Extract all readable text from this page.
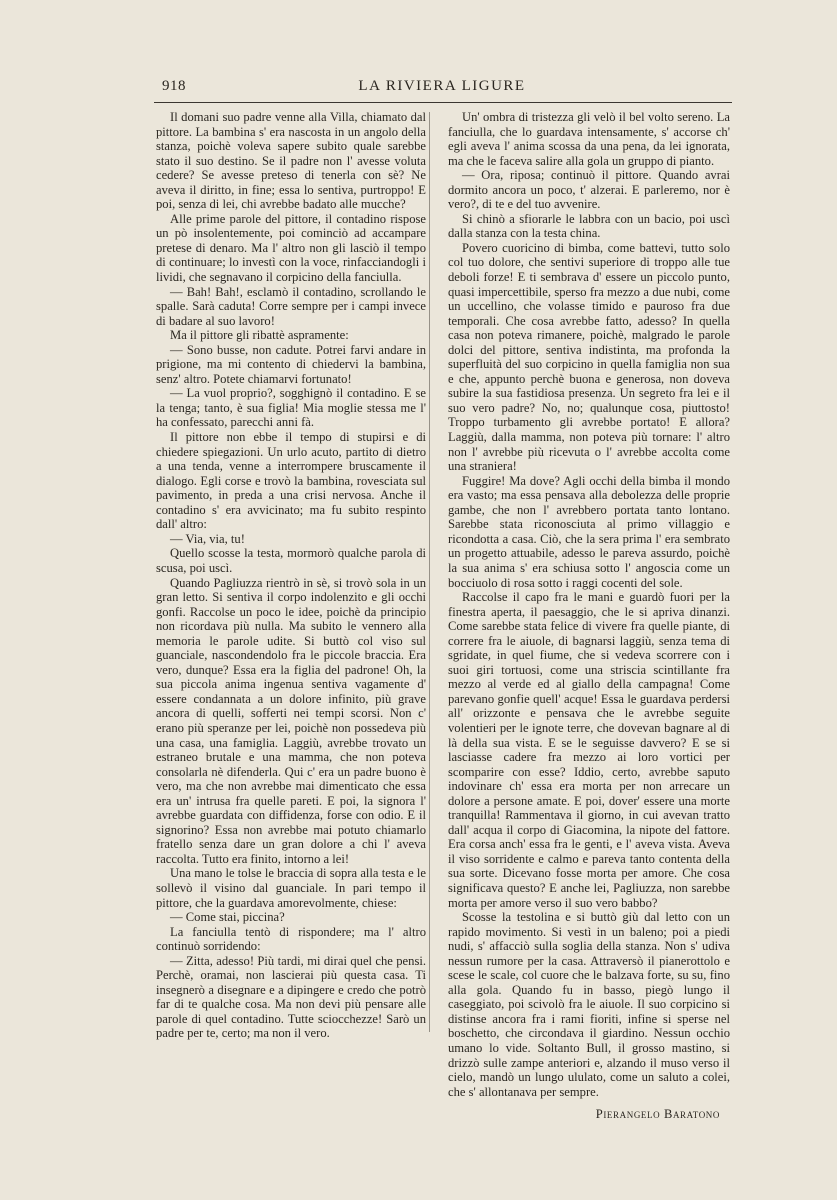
918	LA RIVIERA LIGURE

Il domani suo padre venne alla Villa, chiamato dal pittore. La bambina s' era nascosta in un angolo della stanza, poichè voleva sapere subito quale sarebbe stato il suo destino. Se il padre non l' avesse voluta cedere? Se avesse preteso di tenerla con sè? Ne aveva il diritto, in fine; essa lo sentiva, purtroppo! E poi, senza di lei, chi avrebbe badato alle mucche?

Alle prime parole del pittore, il contadino rispose un pò insolentemente, poi cominciò ad accampare pretese di denaro. Ma l' altro non gli lasciò il tempo di continuare; lo investì con la voce, rinfacciandogli i lividi, che segnavano il corpicino della fanciulla.

— Bah! Bah!, esclamò il contadino, scrollando le spalle. Sarà caduta! Corre sempre per i campi invece di badare al suo lavoro!

Ma il pittore gli ribattè aspramente:

— Sono busse, non cadute. Potrei farvi andare in prigione, ma mi contento di chiedervi la bambina, senz' altro. Potete chiamarvi fortunato!

— La vuol proprio?, sogghignò il contadino. E se la tenga; tanto, è sua figlia! Mia moglie stessa me l' ha confessato, parecchi anni fà.

Il pittore non ebbe il tempo di stupirsi e di chiedere spiegazioni. Un urlo acuto, partito di dietro a una tenda, venne a interrompere bruscamente il dialogo. Egli corse e trovò la bambina, rovesciata sul pavimento, in preda a una crisi nervosa. Anche il contadino s' era avvicinato; ma fu subito respinto dall' altro:

— Via, via, tu!

Quello scosse la testa, mormorò qualche parola di scusa, poi uscì.

Quando Pagliuzza rientrò in sè, si trovò sola in un gran letto. Si sentiva il corpo indolenzito e gli occhi gonfi. Raccolse un poco le idee, poichè da principio non ricordava più nulla. Ma subito le vennero alla memoria le parole udite. Si buttò col viso sul guanciale, nascondendolo fra le piccole braccia. Era vero, dunque? Essa era la figlia del padrone! Oh, la sua piccola anima ingenua sentiva vagamente d' essere condannata a un dolore infinito, più grave ancora di quelli, sofferti nei tempi scorsi. Non c' erano più speranze per lei, poichè non possedeva più una casa, una famiglia. Laggiù, avrebbe trovato un estraneo brutale e una mamma, che non poteva consolarla nè difenderla. Qui c' era un padre buono è vero, ma che non avrebbe mai dimenticato che essa era un' intrusa fra quelle pareti. E poi, la signora l' avrebbe guardata con diffidenza, forse con odio. E il signorino? Essa non avrebbe mai potuto chiamarlo fratello senza dare un gran dolore a chi l' aveva raccolta. Tutto era finito, intorno a lei!

Una mano le tolse le braccia di sopra alla testa e le sollevò il visino dal guanciale. In pari tempo il pittore, che la guardava amorevolmente, chiese:

— Come stai, piccina?

La fanciulla tentò di rispondere; ma l' altro continuò sorridendo:

— Zitta, adesso! Più tardi, mi dirai quel che pensi. Perchè, oramai, non lascierai più questa casa. Ti insegnerò a disegnare e a dipingere e credo che potrò far di te qualche cosa. Ma non devi più pensare alle parole di quel contadino. Tutte sciocchezze! Sarò un padre per te, certo; ma non il vero.

Un' ombra di tristezza gli velò il bel volto sereno. La fanciulla, che lo guardava intensamente, s' accorse ch' egli aveva l' anima scossa da una pena, da lei ignorata, ma che le faceva salire alla gola un gruppo di pianto.

— Ora, riposa; continuò il pittore. Quando avrai dormito ancora un poco, t' alzerai. E parleremo, nor è vero?, di te e del tuo avvenire.

Si chinò a sfiorarle le labbra con un bacio, poi uscì dalla stanza con la testa china.

Povero cuoricino di bimba, come battevi, tutto solo col tuo dolore, che sentivi superiore di troppo alle tue deboli forze! E ti sembrava d' essere un piccolo punto, quasi impercettibile, sperso fra mezzo a due nubi, come un uccellino, che volasse timido e pauroso fra due temporali. Che cosa avrebbe fatto, adesso? In quella casa non poteva rimanere, poichè, malgrado le parole dolci del pittore, sentiva indistinta, ma profonda la superfluità del suo corpicino in quella famiglia non sua e che, appunto perchè buona e generosa, non doveva subire la sua fastidiosa presenza. Un segreto fra lei e il suo vero padre? No, no; qualunque cosa, piuttosto! Troppo turbamento gli avrebbe portato! E allora? Laggiù, dalla mamma, non poteva più tornare: l' altro non l' avrebbe più ricevuta o l' avrebbe accolta come una straniera!

Fuggire! Ma dove? Agli occhi della bimba il mondo era vasto; ma essa pensava alla debolezza delle proprie gambe, che non l' avrebbero portata tanto lontano. Sarebbe stata riconosciuta al primo villaggio e ricondotta a casa. Ciò, che la sera prima l' era sembrato un progetto attuabile, adesso le pareva assurdo, poichè la sua anima s' era schiusa sotto l' angoscia come un bocciuolo di rosa sotto i raggi cocenti del sole.

Raccolse il capo fra le mani e guardò fuori per la finestra aperta, il paesaggio, che le si apriva dinanzi. Come sarebbe stata felice di vivere fra quelle piante, di correre fra le aiuole, di bagnarsi laggiù, senza tema di sgridate, in quel fiume, che si vedeva scorrere con i suoi giri tortuosi, come una striscia scintillante fra mezzo al verde ed al giallo della campagna! Come parevano gonfie quell' acque! Essa le guardava perdersi all' orizzonte e pensava che le avrebbe seguite volentieri per le ignote terre, che dovevan bagnare al di là della sua vista. E se le seguisse davvero? E se si lasciasse cadere fra mezzo ai loro vortici per scomparire con esse? Iddio, certo, avrebbe saputo indovinare ch' essa era morta per non arrecare un dolore a persone amate. E poi, dover' essere una morte tranquilla! Rammentava il giorno, in cui avevan tratto dall' acqua il corpo di Giacomina, la nipote del fattore. Era corsa anch' essa fra le genti, e l' aveva vista. Aveva il viso sorridente e calmo e pareva tanto contenta della sua sorte. Dicevano fosse morta per amore. Che cosa significava questo? E anche lei, Pagliuzza, non sarebbe morta per amore verso il suo vero babbo?

Scosse la testolina e si buttò giù dal letto con un rapido movimento. Si vestì in un baleno; poi a piedi nudi, s' affacciò sulla soglia della stanza. Non s' udiva nessun rumore per la casa. Attraversò il pianerottolo e scese le scale, col cuore che le balzava forte, su su, fino alla gola. Quando fu in basso, piegò lungo il caseggiato, poi scivolò fra le aiuole. Il suo corpicino si distinse ancora fra i rami fioriti, infine si sperse nel boschetto, che circondava il giardino. Nessun occhio umano lo vide. Soltanto Bull, il grosso mastino, si drizzò sulle zampe anteriori e, alzando il muso verso il cielo, mandò un lungo ululato, come un saluto a colei, che s' allontanava per sempre.

Pierangelo Baratono
